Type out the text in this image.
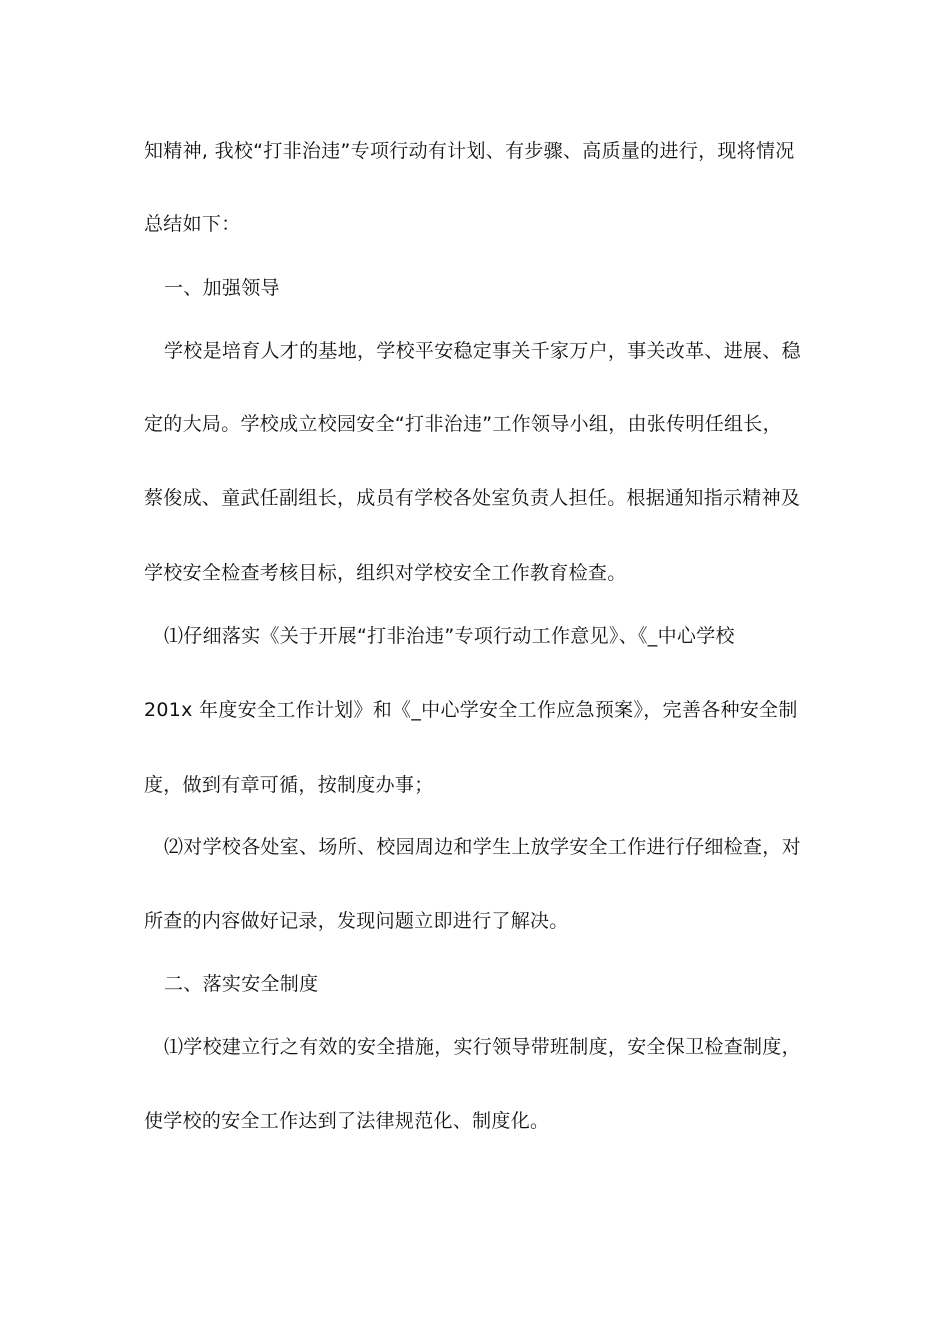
知精神, 我校“打非治违”专项行动有计划、有步骤、高质量的进行，现将情况
总结如下：
一、加强领导
学校是培育人才的基地，学校平安稳定事关千家万户，事关改革、进展、稳
定的大局。学校成立校园安全“打非治违”工作领导小组，由张传明任组长，
蔡俊成、童武任副组长，成员有学校各处室负责人担任。根据通知指示精神及
学校安全检查考核目标，组织对学校安全工作教育检查。
⑴仔细落实《关于开展“打非治违”专项行动工作意见》、《_中心学校
201x 年度安全工作计划》和《_中心学安全工作应急预案》，完善各种安全制
度，做到有章可循，按制度办事；
⑵对学校各处室、场所、校园周边和学生上放学安全工作进行仔细检查，对
所查的内容做好记录，发现问题立即进行了解决。
二、落实安全制度
⑴学校建立行之有效的安全措施，实行领导带班制度，安全保卫检查制度，
使学校的安全工作达到了法律规范化、制度化。
